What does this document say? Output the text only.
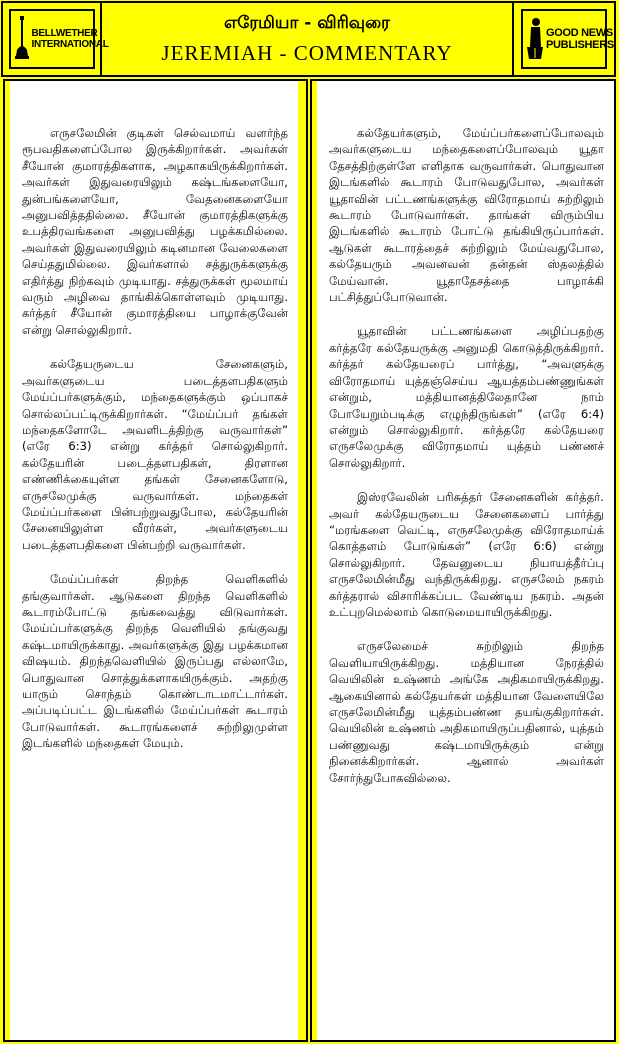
BELLWETHER
INTERNATIONAL
எரேமியா - விரிவுரை
JEREMIAH - COMMENTARY
GOOD NEWS
PUBLISHERS

எருசலேமின் குடிகள் செல்வமாய் வளர்ந்த ரூபவதிகளைப்போல இருக்கிறார்கள். அவர்கள் சீயோன் குமாரத்திகளாக, அழகாகயிருக்கிறார்கள். அவர்கள் இதுவரையிலும் கஷ்டங்களையோ, துன்பங்களையோ, வேதனைகளையோ அனுபவித்ததில்லை. சீயோன் குமாரத்திகளுக்கு உபத்திரவங்களை அனுபவித்து பழக்கமில்லை. அவர்கள் இதுவரையிலும் கடினமான வேலைகளை செய்ததுமில்லை. இவர்களால் சத்துருக்களுக்கு எதிர்த்து நிற்கவும் முடியாது. சத்துருக்கள் மூலமாய் வரும் அழிவை தாங்கிக்கொள்ளவும் முடியாது. கர்த்தர் சீயோன் குமாரத்தியை பாழாக்குவேன் என்று சொல்லுகிறார்.

கல்தேயருடைய சேனைகளும், அவர்களுடைய படைத்தளபதிகளும் மேய்ப்பர்களுக்கும், மந்தைகளுக்கும் ஒப்பாகச் சொல்லப்பட்டிருக்கிறார்கள். “மேய்ப்பர் தங்கள் மந்தைகளோடே அவளிடத்திற்கு வருவார்கள்” (எரே 6:3) என்று கர்த்தர் சொல்லுகிறார். கல்தேயரின் படைத்தளபதிகள், திரளான எண்ணிக்கையுள்ள தங்கள் சேனைகளோடு, எருசலேமுக்கு வருவார்கள். மந்தைகள் மேய்ப்பர்களை பின்பற்றுவதுபோல, கல்தேயரின் சேனையிலுள்ள வீரர்கள், அவர்களுடைய படைத்தளபதிகளை பின்பற்றி வருவார்கள்.

மேய்ப்பர்கள் திறந்த வெளிகளில் தங்குவார்கள். ஆடுகளை திறந்த வெளிகளில் கூடாரம்போட்டு தங்கவைத்து விடுவார்கள். மேய்ப்பர்களுக்கு திறந்த வெளியில் தங்குவது கஷ்டமாயிருக்காது. அவர்களுக்கு இது பழக்கமான விஷயம். திறந்தவெளியில் இருப்பது எல்லாமே, பொதுவான சொத்துக்களாகயிருக்கும். அதற்கு யாரும் சொந்தம் கொண்டாடமாட்டார்கள். அப்படிப்பட்ட இடங்களில் மேய்ப்பர்கள் கூடாரம் போடுவார்கள். கூடாரங்களைச் சுற்றிலுமுள்ள இடங்களில் மந்தைகள் மேயும்.

கல்தேயர்களும், மேய்ப்பர்களைப்போலவும் அவர்களுடைய மந்தைகளைப்போலவும் யூதா தேசத்திற்குள்ளே எளிதாக வருவார்கள். பொதுவான இடங்களில் கூடாரம் போடுவதுபோல, அவர்கள் யூதாவின் பட்டணங்களுக்கு விரோதமாய் சுற்றிலும் கூடாரம் போடுவார்கள். தாங்கள் விரும்பிய இடங்களில் கூடாரம் போட்டு தங்கியிருப்பார்கள். ஆடுகள் கூடாரத்தைச் சுற்றிலும் மேய்வதுபோல, கல்தேயரும் அவனவன் தன்தன் ஸ்தலத்தில் மேய்வான். யூதாதேசத்தை பாழாக்கி பட்சித்துப்போடுவான்.

யூதாவின் பட்டணங்களை அழிப்பதற்கு கர்த்தரே கல்தேயருக்கு அனுமதி கொடுத்திருக்கிறார். கர்த்தர் கல்தேயரைப் பார்த்து, “அவளுக்கு விரோதமாய் யுத்தஞ்செய்ய ஆயத்தம்பண்ணுங்கள் என்றும், மத்தியானத்திலேதானே நாம் போயேறும்படிக்கு எழுந்திருங்கள்” (எரே 6:4) என்றும் சொல்லுகிறார். கர்த்தரே கல்தேயரை எருசலேமுக்கு விரோதமாய் யுத்தம் பண்ணச் சொல்லுகிறார்.

இஸ்ரவேலின் பரிசுத்தர் சேனைகளின் கர்த்தர். அவர் கல்தேயருடைய சேனைகளைப் பார்த்து “மரங்களை வெட்டி, எருசலேமுக்கு விரோதமாய்க் கொத்தளம் போடுங்கள்” (எரே 6:6) என்று சொல்லுகிறார். தேவனுடைய நியாயத்தீர்ப்பு எருசலேமின்மீது வந்திருக்கிறது. எருசலேம் நகரம் கர்த்தரால் விசாரிக்கப்பட வேண்டிய நகரம். அதன் உட்புறமெல்லாம் கொடுமையாயிருக்கிறது.

எருசலேமைச் சுற்றிலும் திறந்த வெளியாயிருக்கிறது. மத்தியான நேரத்தில் வெயிலின் உஷ்ணம் அங்கே அதிகமாயிருக்கிறது. ஆகையினால் கல்தேயர்கள் மத்தியான வேளையிலே எருசலேமின்மீது யுத்தம்பண்ண தயங்குகிறார்கள். வெயிலின் உஷ்ணம் அதிகமாயிருப்பதினால், யுத்தம் பண்ணுவது கஷ்டமாயிருக்கும் என்று நினைக்கிறார்கள். ஆனால் அவர்கள் சோர்ந்துபோகவில்லை.
